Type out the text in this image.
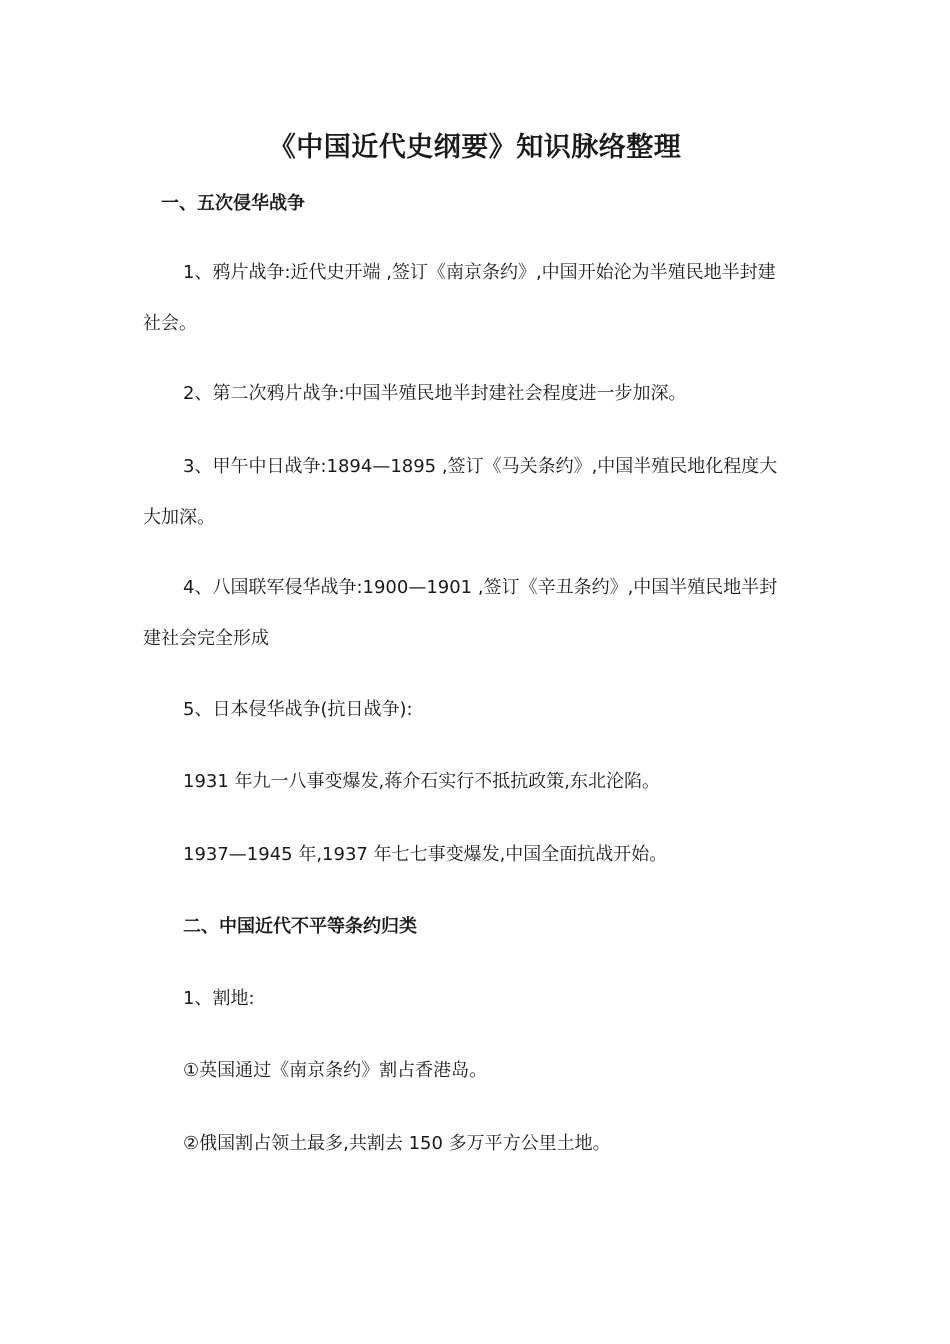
《中国近代史纲要》知识脉络整理
一、五次侵华战争
1、鸦片战争:近代史开端 ,签订《南京条约》,中国开始沦为半殖民地半封建
社会。
2、第二次鸦片战争:中国半殖民地半封建社会程度进一步加深。
3、甲午中日战争:1894—1895 ,签订《马关条约》,中国半殖民地化程度大
大加深。
4、八国联军侵华战争:1900—1901 ,签订《辛丑条约》,中国半殖民地半封
建社会完全形成
5、日本侵华战争(抗日战争):
1931 年九一八事变爆发,蒋介石实行不抵抗政策,东北沦陷。
1937—1945 年,1937 年七七事变爆发,中国全面抗战开始。
二、中国近代不平等条约归类
1、割地:
①英国通过《南京条约》割占香港岛。
②俄国割占领土最多,共割去 150 多万平方公里土地。
